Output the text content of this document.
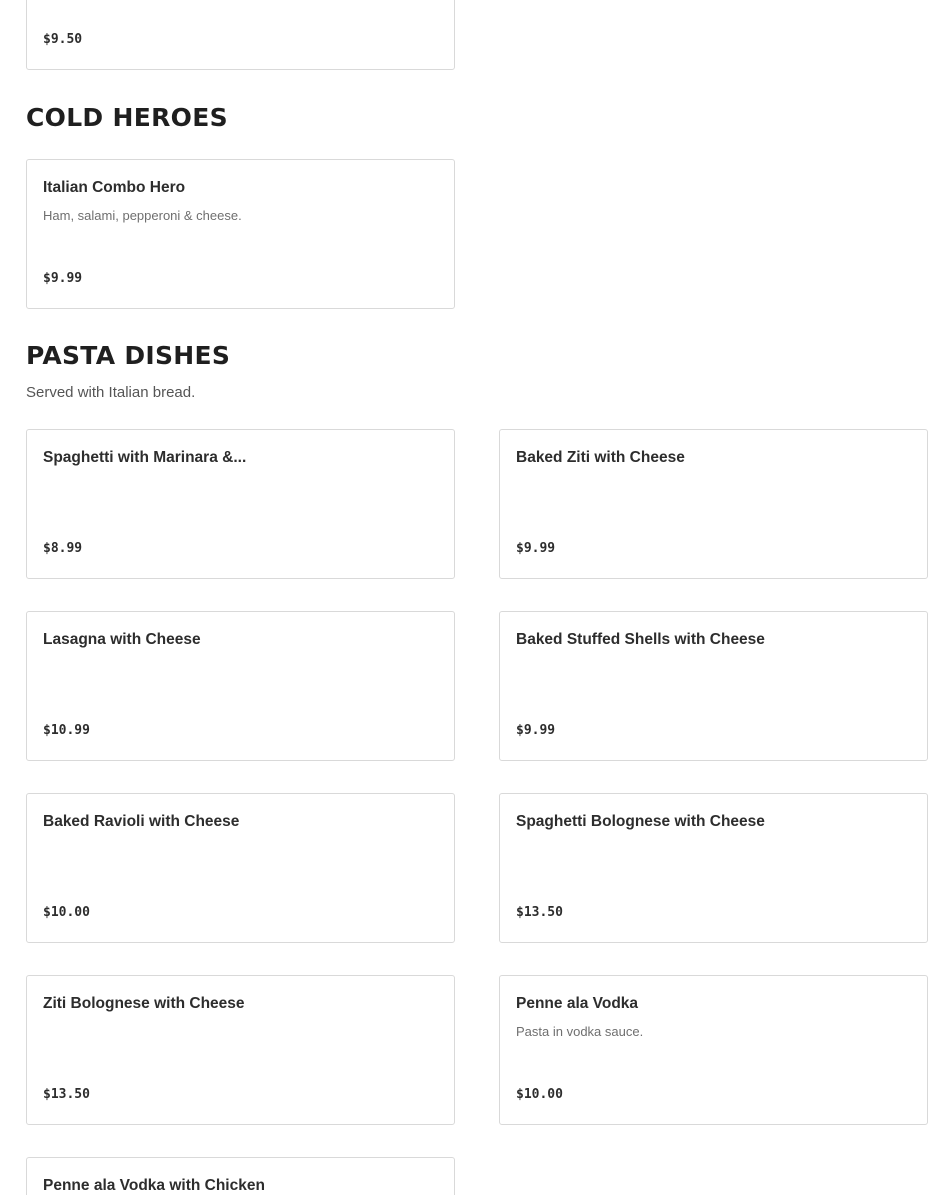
$9.50
COLD HEROES
Italian Combo Hero
Ham, salami, pepperoni & cheese.
$9.99
PASTA DISHES
Served with Italian bread.
Spaghetti with Marinara &...
$8.99
Baked Ziti with Cheese
$9.99
Lasagna with Cheese
$10.99
Baked Stuffed Shells with Cheese
$9.99
Baked Ravioli with Cheese
$10.00
Spaghetti Bolognese with Cheese
$13.50
Ziti Bolognese with Cheese
$13.50
Penne ala Vodka
Pasta in vodka sauce.
$10.00
Penne ala Vodka with Chicken
